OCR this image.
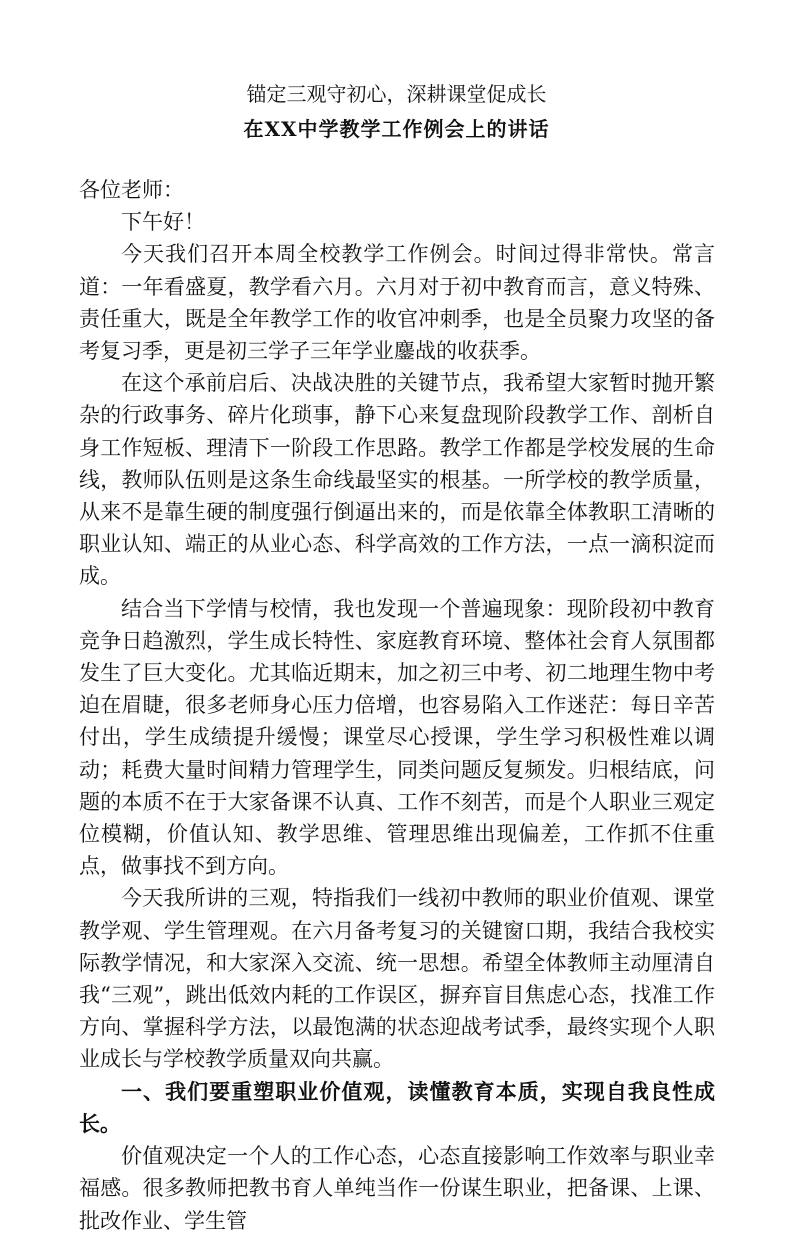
锚定三观守初心，深耕课堂促成长
在XX中学教学工作例会上的讲话

各位老师：

下午好！

今天我们召开本周全校教学工作例会。时间过得非常快。常言道：一年看盛夏，教学看六月。六月对于初中教育而言，意义特殊、责任重大，既是全年教学工作的收官冲刺季，也是全员聚力攻坚的备考复习季，更是初三学子三年学业鏖战的收获季。

在这个承前启后、决战决胜的关键节点，我希望大家暂时抛开繁杂的行政事务、碎片化琐事，静下心来复盘现阶段教学工作、剖析自身工作短板、理清下一阶段工作思路。教学工作都是学校发展的生命线，教师队伍则是这条生命线最坚实的根基。一所学校的教学质量，从来不是靠生硬的制度强行倒逼出来的，而是依靠全体教职工清晰的职业认知、端正的从业心态、科学高效的工作方法，一点一滴积淀而成。

结合当下学情与校情，我也发现一个普遍现象：现阶段初中教育竞争日趋激烈，学生成长特性、家庭教育环境、整体社会育人氛围都发生了巨大变化。尤其临近期末，加之初三中考、初二地理生物中考迫在眉睫，很多老师身心压力倍增，也容易陷入工作迷茫：每日辛苦付出，学生成绩提升缓慢；课堂尽心授课，学生学习积极性难以调动；耗费大量时间精力管理学生，同类问题反复频发。归根结底，问题的本质不在于大家备课不认真、工作不刻苦，而是个人职业三观定位模糊，价值认知、教学思维、管理思维出现偏差，工作抓不住重点，做事找不到方向。

今天我所讲的三观，特指我们一线初中教师的职业价值观、课堂教学观、学生管理观。在六月备考复习的关键窗口期，我结合我校实际教学情况，和大家深入交流、统一思想。希望全体教师主动厘清自我“三观”，跳出低效内耗的工作误区，摒弃盲目焦虑心态，找准工作方向、掌握科学方法，以最饱满的状态迎战考试季，最终实现个人职业成长与学校教学质量双向共赢。

一、我们要重塑职业价值观，读懂教育本质，实现自我良性成长。

价值观决定一个人的工作心态，心态直接影响工作效率与职业幸福感。很多教师把教书育人单纯当作一份谋生职业，把备课、上课、批改作业、学生管
